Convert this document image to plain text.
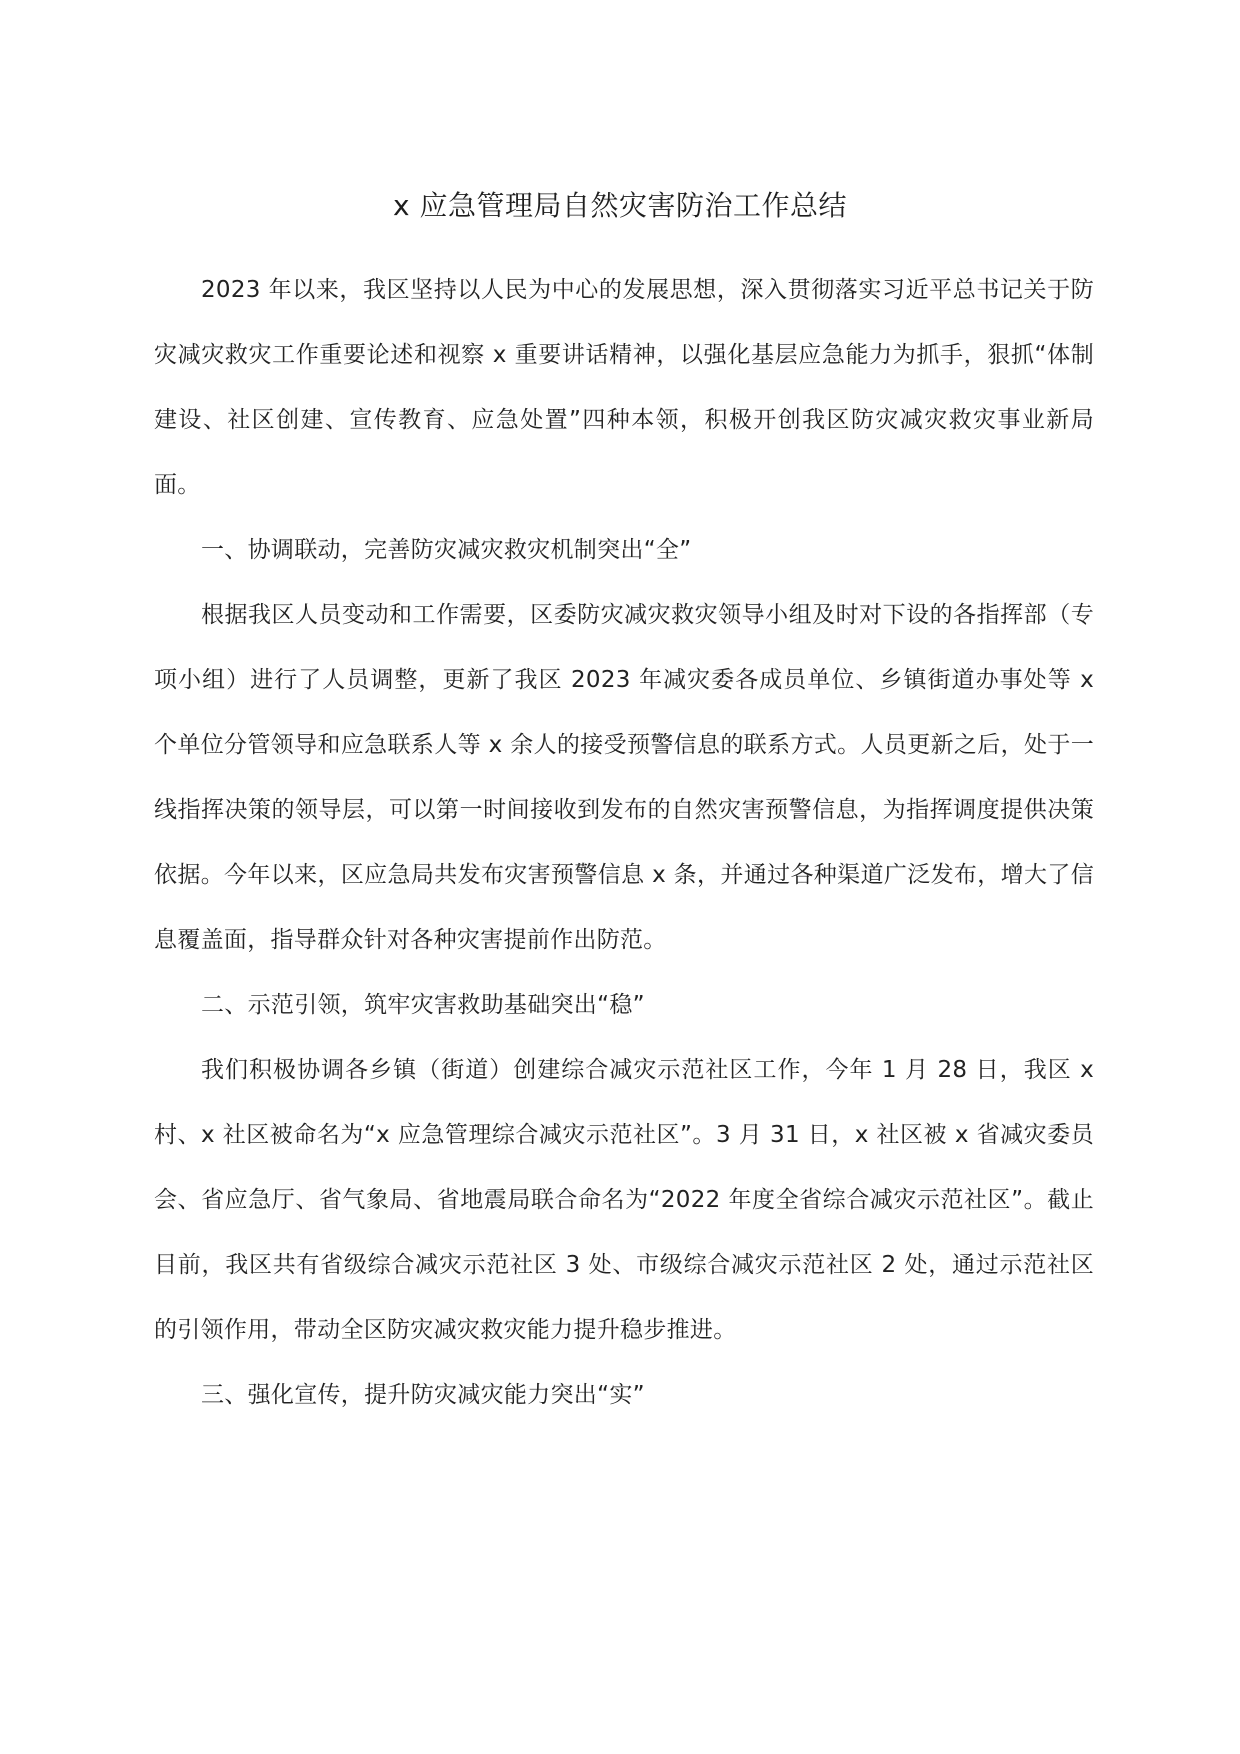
x 应急管理局自然灾害防治工作总结

2023 年以来，我区坚持以人民为中心的发展思想，深入贯彻落实习近平总书记关于防灾减灾救灾工作重要论述和视察 x 重要讲话精神，以强化基层应急能力为抓手，狠抓“体制建设、社区创建、宣传教育、应急处置”四种本领，积极开创我区防灾减灾救灾事业新局面。

一、协调联动，完善防灾减灾救灾机制突出“全”

根据我区人员变动和工作需要，区委防灾减灾救灾领导小组及时对下设的各指挥部（专项小组）进行了人员调整，更新了我区 2023 年减灾委各成员单位、乡镇街道办事处等 x 个单位分管领导和应急联系人等 x 余人的接受预警信息的联系方式。人员更新之后，处于一线指挥决策的领导层，可以第一时间接收到发布的自然灾害预警信息，为指挥调度提供决策依据。今年以来，区应急局共发布灾害预警信息 x 条，并通过各种渠道广泛发布，增大了信息覆盖面，指导群众针对各种灾害提前作出防范。

二、示范引领，筑牢灾害救助基础突出“稳”

我们积极协调各乡镇（街道）创建综合减灾示范社区工作，今年 1 月 28 日，我区 x 村、x 社区被命名为“x 应急管理综合减灾示范社区”。3 月 31 日，x 社区被 x 省减灾委员会、省应急厅、省气象局、省地震局联合命名为“2022 年度全省综合减灾示范社区”。截止目前，我区共有省级综合减灾示范社区 3 处、市级综合减灾示范社区 2 处，通过示范社区的引领作用，带动全区防灾减灾救灾能力提升稳步推进。

三、强化宣传，提升防灾减灾能力突出“实”
